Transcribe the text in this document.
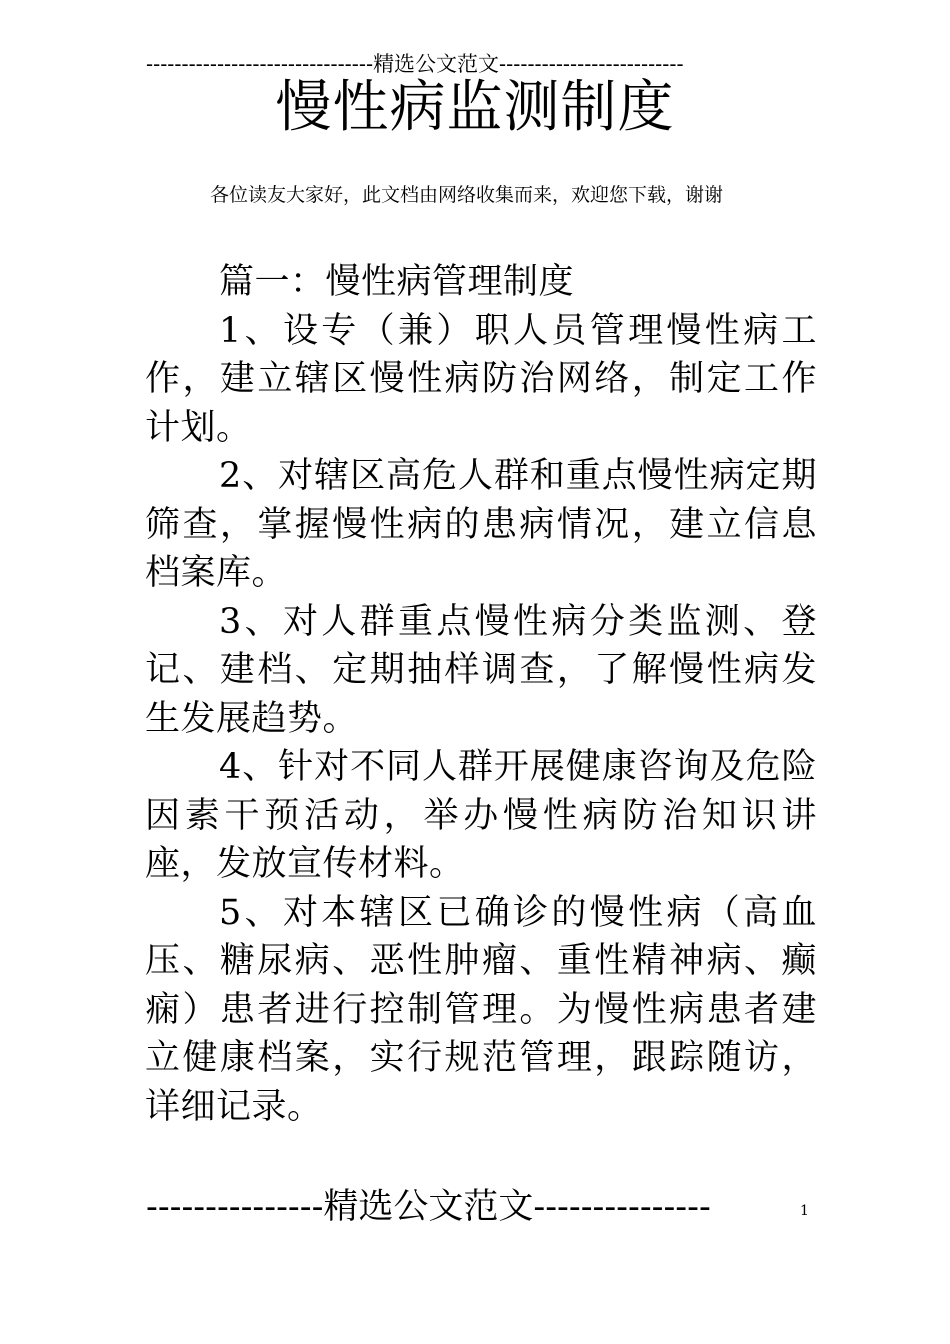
--------------------------------精选公文范文--------------------------
慢性病监测制度
各位读友大家好，此文档由网络收集而来，欢迎您下载，谢谢

篇一：慢性病管理制度

1、设专（兼）职人员管理慢性病工作，建立辖区慢性病防治网络，制定工作计划。

2、对辖区高危人群和重点慢性病定期筛查，掌握慢性病的患病情况，建立信息档案库。

3、对人群重点慢性病分类监测、登记、建档、定期抽样调查，了解慢性病发生发展趋势。

4、针对不同人群开展健康咨询及危险因素干预活动，举办慢性病防治知识讲座，发放宣传材料。

5、对本辖区已确诊的慢性病（高血压、糖尿病、恶性肿瘤、重性精神病、癫痫）患者进行控制管理。为慢性病患者建立健康档案，实行规范管理，跟踪随访，详细记录。

---------------精选公文范文---------------	1
